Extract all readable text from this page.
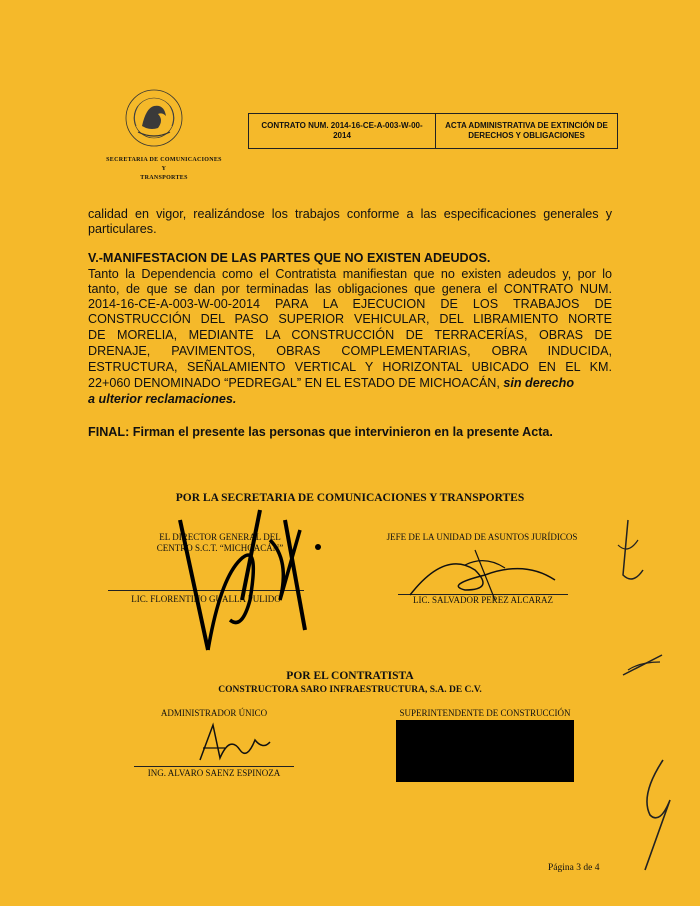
SECRETARIA DE COMUNICACIONES
Y
TRANSPORTES
CONTRATO NUM. 2014-16-CE-A-003-W-00-2014
ACTA ADMINISTRATIVA DE EXTINCIÓN DE DERECHOS Y OBLIGACIONES
calidad en vigor, realizándose los trabajos conforme a las especificaciones generales y
particulares.
V.-MANIFESTACION DE LAS PARTES QUE NO EXISTEN ADEUDOS.
Tanto la Dependencia como el Contratista manifiestan que no existen adeudos y, por lo
tanto, de que se dan por terminadas las obligaciones que genera el CONTRATO NUM.
2014-16-CE-A-003-W-00-2014 PARA LA EJECUCION DE LOS TRABAJOS DE
CONSTRUCCIÓN DEL PASO SUPERIOR VEHICULAR, DEL LIBRAMIENTO NORTE
DE MORELIA, MEDIANTE LA CONSTRUCCIÓN DE TERRACERÍAS, OBRAS DE
DRENAJE, PAVIMENTOS, OBRAS COMPLEMENTARIAS, OBRA INDUCIDA,
ESTRUCTURA, SEÑALAMIENTO VERTICAL Y HORIZONTAL UBICADO EN EL KM.
22+060 DENOMINADO “PEDREGAL” EN EL ESTADO DE MICHOACÁN, sin derecho
a ulterior reclamaciones.
FINAL: Firman el presente las personas que intervinieron en la presente Acta.
POR LA SECRETARIA DE COMUNICACIONES Y TRANSPORTES
EL DIRECTOR GENERAL DEL
CENTRO S.C.T. “MICHOACÁN”
LIC. FLORENTINO GUALLA PULIDO
JEFE DE LA UNIDAD DE ASUNTOS JURÍDICOS
LIC. SALVADOR PEREZ ALCARAZ
POR EL CONTRATISTA
CONSTRUCTORA SARO INFRAESTRUCTURA, S.A. DE C.V.
ADMINISTRADOR ÚNICO
ING. ALVARO SAENZ ESPINOZA
SUPERINTENDENTE DE CONSTRUCCIÓN
Página 3 de 4
